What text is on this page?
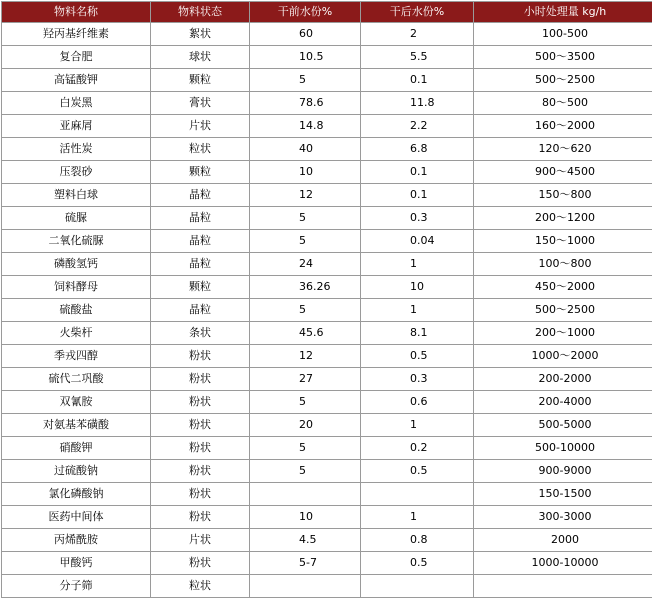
物料名称	物料状态	干前水份%	干后水份%	小时处理量 kg/h
羟丙基纤维素	絮状	60	2	100-500
复合肥	球状	10.5	5.5	500～3500
高锰酸钾	颗粒	5	0.1	500～2500
白炭黑	膏状	78.6	11.8	80～500
亚麻屑	片状	14.8	2.2	160～2000
活性炭	粒状	40	6.8	120～620
压裂砂	颗粒	10	0.1	900～4500
塑料白球	晶粒	12	0.1	150～800
硫脲	晶粒	5	0.3	200～1200
二氧化硫脲	晶粒	5	0.04	150～1000
磷酸氢钙	晶粒	24	1	100～800
饲料酵母	颗粒	36.26	10	450～2000
硫酸盐	晶粒	5	1	500～2500
火柴杆	条状	45.6	8.1	200～1000
季戎四醇	粉状	12	0.5	1000～2000
硫代二巩酸	粉状	27	0.3	200-2000
双氰胺	粉状	5	0.6	200-4000
对氨基苯磺酸	粉状	20	1	500-5000
硝酸钾	粉状	5	0.2	500-10000
过硫酸钠	粉状	5	0.5	900-9000
氯化磷酸钠	粉状			150-1500
医药中间体	粉状	10	1	300-3000
丙烯酰胺	片状	4.5	0.8	2000
甲酸钙	粉状	5-7	0.5	1000-10000
分子筛	粒状			
